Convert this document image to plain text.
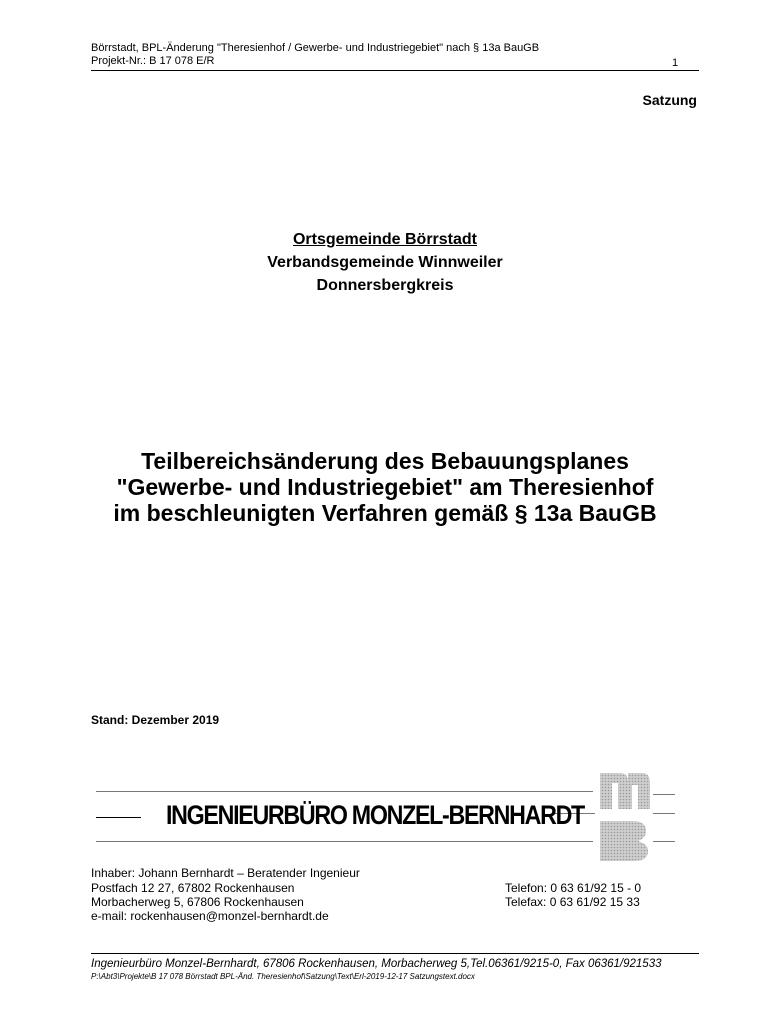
Börrstadt, BPL-Änderung "Theresienhof / Gewerbe- und Industriegebiet" nach § 13a BauGB
Projekt-Nr.: B 17 078 E/R	1
Satzung
Ortsgemeinde Börrstadt
Verbandsgemeinde Winnweiler
Donnersbergkreis
Teilbereichsänderung des Bebauungsplanes
"Gewerbe- und Industriegebiet" am Theresienhof
im beschleunigten Verfahren gemäß § 13a BauGB
Stand: Dezember 2019
INGENIEURBÜRO MONZEL-BERNHARDT
Inhaber: Johann Bernhardt – Beratender Ingenieur
Postfach 12 27, 67802 Rockenhausen
Morbacherweg 5, 67806 Rockenhausen
e-mail: rockenhausen@monzel-bernhardt.de
Telefon: 0 63 61/92 15 - 0
Telefax: 0 63 61/92 15 33
Ingenieurbüro Monzel-Bernhardt, 67806 Rockenhausen, Morbacherweg 5,Tel.06361/9215-0, Fax 06361/921533
P:\Abt3\Projekte\B 17 078 Börrstadt BPL-Änd. Theresienhof\Satzung\Text\Erl-2019-12-17 Satzungstext.docx
